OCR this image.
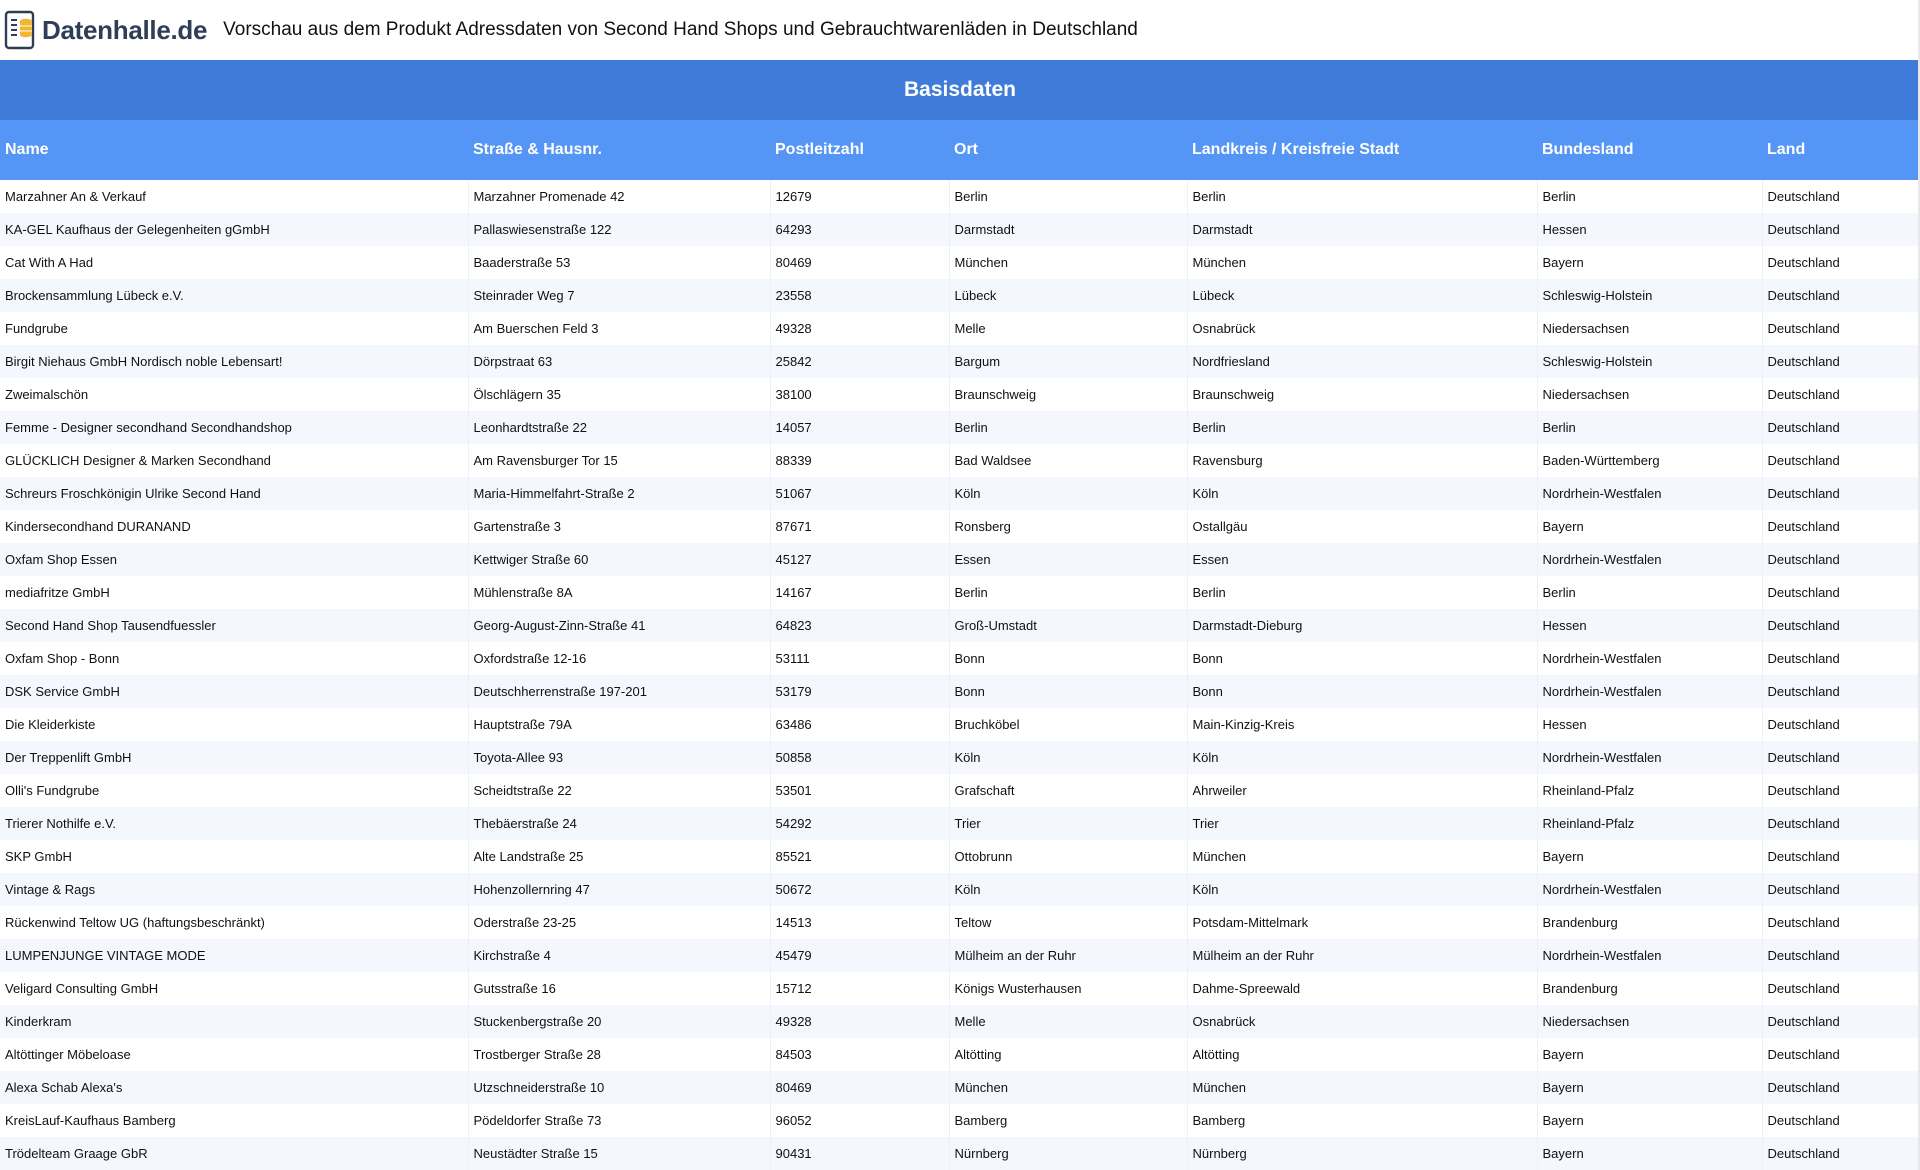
Datenhalle.de Vorschau aus dem Produkt Adressdaten von Second Hand Shops und Gebrauchtwarenläden in Deutschland
Basisdaten
Name	Straße & Hausnr.	Postleitzahl	Ort	Landkreis / Kreisfreie Stadt	Bundesland	Land
Marzahner An & Verkauf	Marzahner Promenade 42	12679	Berlin	Berlin	Berlin	Deutschland
KA-GEL Kaufhaus der Gelegenheiten gGmbH	Pallaswiesenstraße 122	64293	Darmstadt	Darmstadt	Hessen	Deutschland
Cat With A Had	Baaderstraße 53	80469	München	München	Bayern	Deutschland
Brockensammlung Lübeck e.V.	Steinrader Weg 7	23558	Lübeck	Lübeck	Schleswig-Holstein	Deutschland
Fundgrube	Am Buerschen Feld 3	49328	Melle	Osnabrück	Niedersachsen	Deutschland
Birgit Niehaus GmbH Nordisch noble Lebensart!	Dörpstraat 63	25842	Bargum	Nordfriesland	Schleswig-Holstein	Deutschland
Zweimalschön	Ölschlägern 35	38100	Braunschweig	Braunschweig	Niedersachsen	Deutschland
Femme - Designer secondhand Secondhandshop	Leonhardtstraße 22	14057	Berlin	Berlin	Berlin	Deutschland
GLÜCKLICH Designer & Marken Secondhand	Am Ravensburger Tor 15	88339	Bad Waldsee	Ravensburg	Baden-Württemberg	Deutschland
Schreurs Froschkönigin Ulrike Second Hand	Maria-Himmelfahrt-Straße 2	51067	Köln	Köln	Nordrhein-Westfalen	Deutschland
Kindersecondhand DURANAND	Gartenstraße 3	87671	Ronsberg	Ostallgäu	Bayern	Deutschland
Oxfam Shop Essen	Kettwiger Straße 60	45127	Essen	Essen	Nordrhein-Westfalen	Deutschland
mediafritze GmbH	Mühlenstraße 8A	14167	Berlin	Berlin	Berlin	Deutschland
Second Hand Shop Tausendfuessler	Georg-August-Zinn-Straße 41	64823	Groß-Umstadt	Darmstadt-Dieburg	Hessen	Deutschland
Oxfam Shop - Bonn	Oxfordstraße 12-16	53111	Bonn	Bonn	Nordrhein-Westfalen	Deutschland
DSK Service GmbH	Deutschherrenstraße 197-201	53179	Bonn	Bonn	Nordrhein-Westfalen	Deutschland
Die Kleiderkiste	Hauptstraße 79A	63486	Bruchköbel	Main-Kinzig-Kreis	Hessen	Deutschland
Der Treppenlift GmbH	Toyota-Allee 93	50858	Köln	Köln	Nordrhein-Westfalen	Deutschland
Olli's Fundgrube	Scheidtstraße 22	53501	Grafschaft	Ahrweiler	Rheinland-Pfalz	Deutschland
Trierer Nothilfe e.V.	Thebäerstraße 24	54292	Trier	Trier	Rheinland-Pfalz	Deutschland
SKP GmbH	Alte Landstraße 25	85521	Ottobrunn	München	Bayern	Deutschland
Vintage & Rags	Hohenzollernring 47	50672	Köln	Köln	Nordrhein-Westfalen	Deutschland
Rückenwind Teltow UG (haftungsbeschränkt)	Oderstraße 23-25	14513	Teltow	Potsdam-Mittelmark	Brandenburg	Deutschland
LUMPENJUNGE VINTAGE MODE	Kirchstraße 4	45479	Mülheim an der Ruhr	Mülheim an der Ruhr	Nordrhein-Westfalen	Deutschland
Veligard Consulting GmbH	Gutsstraße 16	15712	Königs Wusterhausen	Dahme-Spreewald	Brandenburg	Deutschland
Kinderkram	Stuckenbergstraße 20	49328	Melle	Osnabrück	Niedersachsen	Deutschland
Altöttinger Möbeloase	Trostberger Straße 28	84503	Altötting	Altötting	Bayern	Deutschland
Alexa Schab Alexa's	Utzschneiderstraße 10	80469	München	München	Bayern	Deutschland
KreisLauf-Kaufhaus Bamberg	Pödeldorfer Straße 73	96052	Bamberg	Bamberg	Bayern	Deutschland
Trödelteam Graage GbR	Neustädter Straße 15	90431	Nürnberg	Nürnberg	Bayern	Deutschland
